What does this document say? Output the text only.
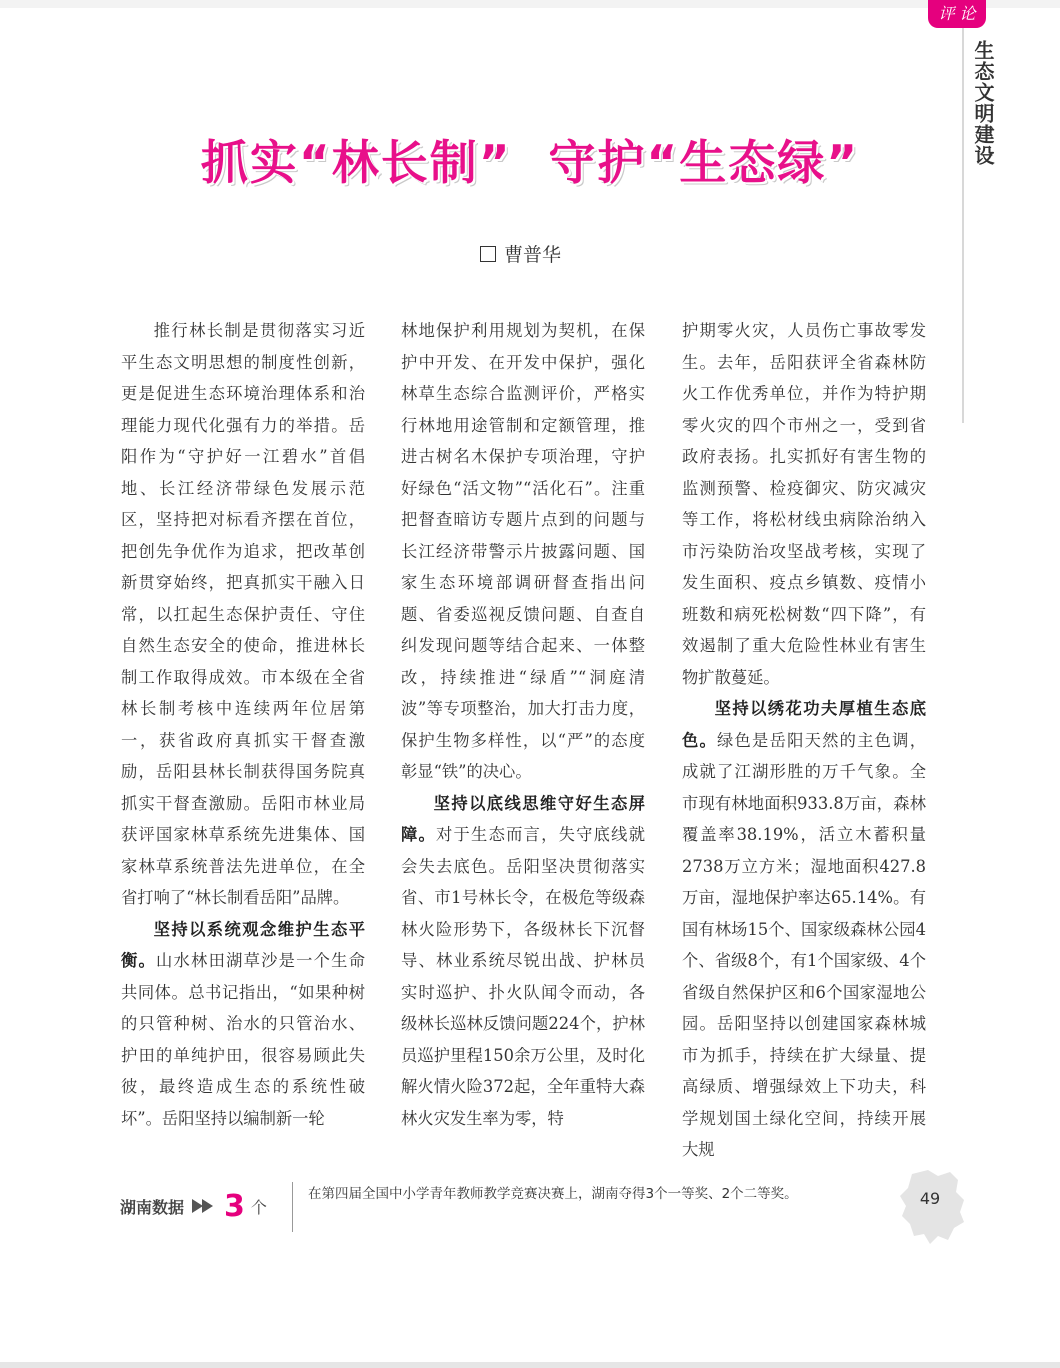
评 论
生态文明建设
抓实“林长制”  守护“生态绿”
曹普华

推行林长制是贯彻落实习近平生态文明思想的制度性创新，更是促进生态环境治理体系和治理能力现代化强有力的举措。岳阳作为“守护好一江碧水”首倡地、长江经济带绿色发展示范区，坚持把对标看齐摆在首位，把创先争优作为追求，把改革创新贯穿始终，把真抓实干融入日常，以扛起生态保护责任、守住自然生态安全的使命，推进林长制工作取得成效。市本级在全省林长制考核中连续两年位居第一，获省政府真抓实干督查激励，岳阳县林长制获得国务院真抓实干督查激励。岳阳市林业局获评国家林草系统先进集体、国家林草系统普法先进单位，在全省打响了“林长制看岳阳”品牌。

坚持以系统观念维护生态平衡。山水林田湖草沙是一个生命共同体。总书记指出，“如果种树的只管种树、治水的只管治水、护田的单纯护田，很容易顾此失彼，最终造成生态的系统性破坏”。岳阳坚持以编制新一轮

林地保护利用规划为契机，在保护中开发、在开发中保护，强化林草生态综合监测评价，严格实行林地用途管制和定额管理，推进古树名木保护专项治理，守护好绿色“活文物”“活化石”。注重把督查暗访专题片点到的问题与长江经济带警示片披露问题、国家生态环境部调研督查指出问题、省委巡视反馈问题、自查自纠发现问题等结合起来、一体整改，持续推进“绿盾”“洞庭清波”等专项整治，加大打击力度，保护生物多样性，以“严”的态度彰显“铁”的决心。

坚持以底线思维守好生态屏障。对于生态而言，失守底线就会失去底色。岳阳坚决贯彻落实省、市1号林长令，在极危等级森林火险形势下，各级林长下沉督导、林业系统尽锐出战、护林员实时巡护、扑火队闻令而动，各级林长巡林反馈问题224个，护林员巡护里程150余万公里，及时化解火情火险372起，全年重特大森林火灾发生率为零，特

护期零火灾，人员伤亡事故零发生。去年，岳阳获评全省森林防火工作优秀单位，并作为特护期零火灾的四个市州之一，受到省政府表扬。扎实抓好有害生物的监测预警、检疫御灾、防灾减灾等工作，将松材线虫病除治纳入市污染防治攻坚战考核，实现了发生面积、疫点乡镇数、疫情小班数和病死松树数“四下降”，有效遏制了重大危险性林业有害生物扩散蔓延。

坚持以绣花功夫厚植生态底色。绿色是岳阳天然的主色调，成就了江湖形胜的万千气象。全市现有林地面积933.8万亩，森林覆盖率38.19%，活立木蓄积量2738万立方米；湿地面积427.8万亩，湿地保护率达65.14%。有国有林场15个、国家级森林公园4个、省级8个，有1个国家级、4个省级自然保护区和6个国家湿地公园。岳阳坚持以创建国家森林城市为抓手，持续在扩大绿量、提高绿质、增强绿效上下功夫，科学规划国土绿化空间，持续开展大规

湖南数据 3 个
在第四届全国中小学青年教师教学竞赛决赛上，湖南夺得3个一等奖、2个二等奖。	49
